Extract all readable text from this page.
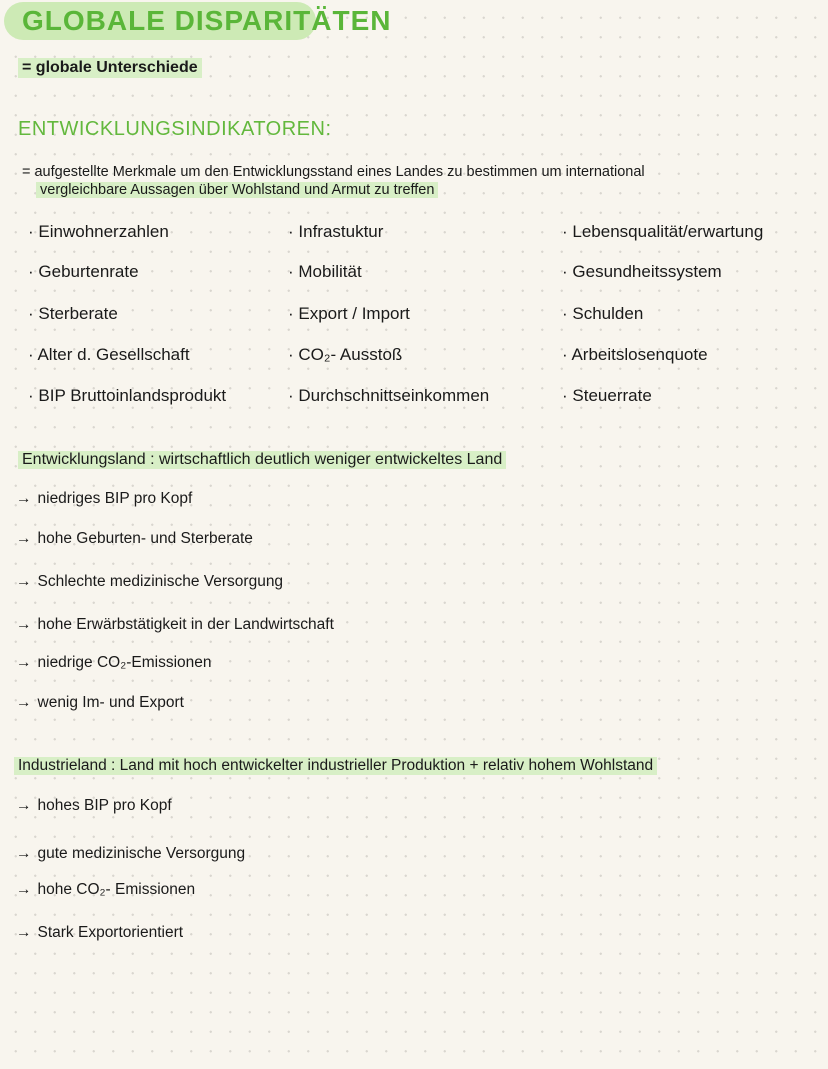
GLOBALE DISPARITÄTEN
= globale Unterschiede
ENTWICKLUNGSINDIKATOREN:
= aufgestellte Merkmale um den Entwicklungsstand eines Landes zu bestimmen um international
vergleichbare Aussagen über Wohlstand und Armut zu treffen
· Einwohnerzahlen
· Geburtenrate
· Sterberate
· Alter d. Gesellschaft
· BIP Bruttoinlandsprodukt
· Infrastuktur
· Mobilität
· Export / Import
· CO₂- Ausstoß
· Durchschnittseinkommen
· Lebensqualität/erwartung
· Gesundheitssystem
· Schulden
· Arbeitslosenquote
· Steuerrate
Entwicklungsland : wirtschaftlich deutlich weniger entwickeltes Land
→ niedriges BIP pro Kopf
→ hohe Geburten- und Sterberate
→ Schlechte medizinische Versorgung
→ hohe Erwärbstätigkeit in der Landwirtschaft
→ niedrige CO₂-Emissionen
→ wenig Im- und Export
Industrieland : Land mit hoch entwickelter industrieller Produktion + relativ hohem Wohlstand
→ hohes BIP pro Kopf
→ gute medizinische Versorgung
→ hohe CO₂- Emissionen
→ Stark Exportorientiert
